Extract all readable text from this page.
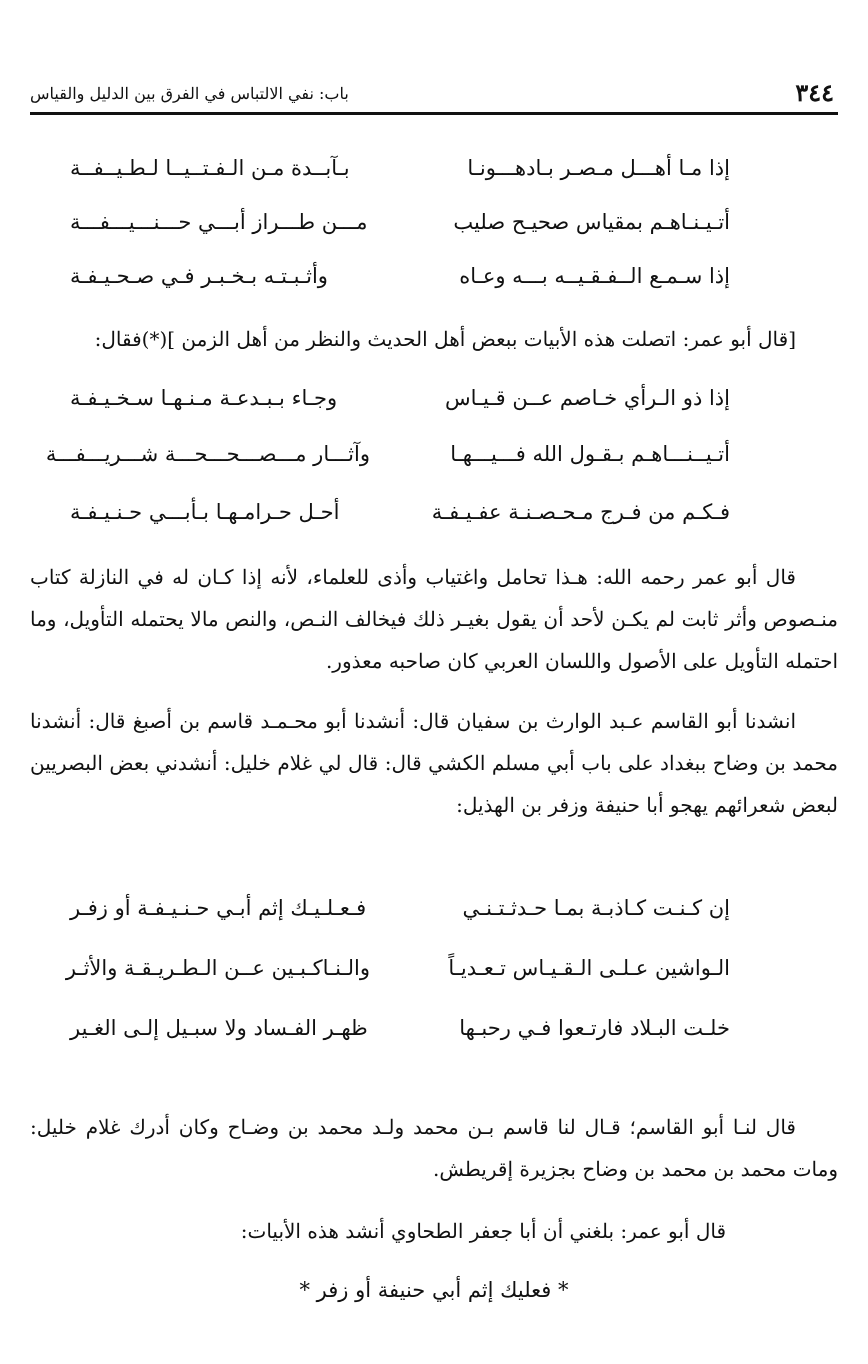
٣٤٤
باب: نفي الالتباس في الفرق بين الدليل والقياس
إذا مـا أهـــل مـصـر بـادهـــونـا
بـآبــدة مـن الـفـتــيــا لـطـيــفــة
أتـيـنـاهـم بمقياس صحيـح صليب
مـــن طـــراز أبـــي حـــنـــيـــفـــة
إذا سـمـع الــفـقـيــه بـــه وعـاه
وأثـبـتـه بـخـبـر فـي صـحـيـفـة
[قال أبو عمر: اتصلت هذه الأبيات ببعض أهل الحديث والنظر من أهل الزمن ](*)فقال:
إذا ذو الـرأي خـاصم عــن قـيـاس
وجـاء بـبـدعـة مـنـهـا سـخـيـفـة
أتـيــنـــاهـم بـقـول الله فـــيـــهـا
وآثـــار مـــصـــحـــحـــة شـــريـــفـــة
فـكـم من فـرج مـحـصـنـة عفـيـفـة
أحـل حـرامـهـا بـأبـــي حـنـيـفـة
قال أبو عمر رحمه الله: هـذا تحامل واغتياب وأذى للعلماء، لأنه إذا كـان له في النازلة كتاب منـصوص وأثر ثابت لم يكـن لأحد أن يقول بغيـر ذلك فيخالف النـص، والنص مالا يحتمله التأويل، وما احتمله التأويل على الأصول واللسان العربي كان صاحبه معذور.
انشدنا أبو القاسم عـبد الوارث بن سفيان قال: أنشدنا أبو محـمـد قاسم بن أصبغ قال: أنشدنا محمد بن وضاح ببغداد على باب أبي مسلم الكشي قال: قال لي غلام خليل: أنشدني بعض البصريين لبعض شعرائهم يهجو أبا حنيفة وزفر بن الهذيل:
إن كـنـت كـاذبـة بمـا حـدثـتـنـي
فـعـلـيـك إثم أبـي حـنـيـفـة أو زفـر
الـواشين عـلـى الـقـيـاس تـعـديـاً
والـنـاكـبـين عــن الـطـريـقـة والأثـر
خلـت البـلاد فارتـعوا فـي رحبـها
ظهـر الفـساد ولا سبـيل إلـى الغـير
قال لنـا أبو القاسم؛ قـال لنا قاسم بـن محمد ولـد محمد بن وضـاح وكان أدرك غلام خليل: ومات محمد بن محمد بن وضاح بجزيرة إقريطش.
قال أبو عمر: بلغني أن أبا جعفر الطحاوي أنشد هذه الأبيات:
* فعليك إثم أبي حنيفة أو زفر *
